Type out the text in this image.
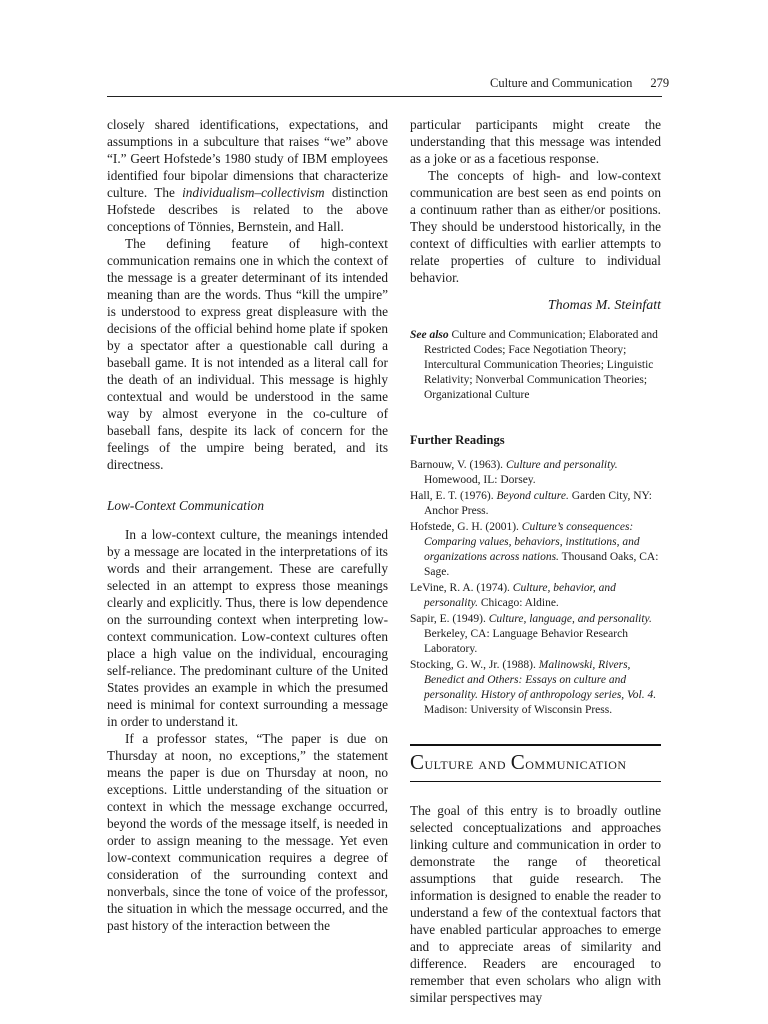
Culture and Communication 279

closely shared identifications, expectations, and assumptions in a subculture that raises “we” above “I.” Geert Hofstede’s 1980 study of IBM employees identified four bipolar dimensions that characterize culture. The individualism–collectivism distinction Hofstede describes is related to the above conceptions of Tönnies, Bernstein, and Hall.

The defining feature of high-context communication remains one in which the context of the message is a greater determinant of its intended meaning than are the words. Thus “kill the umpire” is understood to express great displeasure with the decisions of the official behind home plate if spoken by a spectator after a questionable call during a baseball game. It is not intended as a literal call for the death of an individual. This message is highly contextual and would be understood in the same way by almost everyone in the co-culture of baseball fans, despite its lack of concern for the feelings of the umpire being berated, and its directness.

Low-Context Communication

In a low-context culture, the meanings intended by a message are located in the interpretations of its words and their arrangement. These are carefully selected in an attempt to express those meanings clearly and explicitly. Thus, there is low dependence on the surrounding context when interpreting low-context communication. Low-context cultures often place a high value on the individual, encouraging self-reliance. The predominant culture of the United States provides an example in which the presumed need is minimal for context surrounding a message in order to understand it.

If a professor states, “The paper is due on Thursday at noon, no exceptions,” the statement means the paper is due on Thursday at noon, no exceptions. Little understanding of the situation or context in which the message exchange occurred, beyond the words of the message itself, is needed in order to assign meaning to the message. Yet even low-context communication requires a degree of consideration of the surrounding context and nonverbals, since the tone of voice of the professor, the situation in which the message occurred, and the past history of the interaction between the

particular participants might create the understanding that this message was intended as a joke or as a facetious response.

The concepts of high- and low-context communication are best seen as end points on a continuum rather than as either/or positions. They should be understood historically, in the context of difficulties with earlier attempts to relate properties of culture to individual behavior.

Thomas M. Steinfatt

See also Culture and Communication; Elaborated and Restricted Codes; Face Negotiation Theory; Intercultural Communication Theories; Linguistic Relativity; Nonverbal Communication Theories; Organizational Culture

Further Readings

Barnouw, V. (1963). Culture and personality. Homewood, IL: Dorsey.

Hall, E. T. (1976). Beyond culture. Garden City, NY: Anchor Press.

Hofstede, G. H. (2001). Culture’s consequences: Comparing values, behaviors, institutions, and organizations across nations. Thousand Oaks, CA: Sage.

LeVine, R. A. (1974). Culture, behavior, and personality. Chicago: Aldine.

Sapir, E. (1949). Culture, language, and personality. Berkeley, CA: Language Behavior Research Laboratory.

Stocking, G. W., Jr. (1988). Malinowski, Rivers, Benedict and Others: Essays on culture and personality. History of anthropology series, Vol. 4. Madison: University of Wisconsin Press.

Culture and Communication

The goal of this entry is to broadly outline selected conceptualizations and approaches linking culture and communication in order to demonstrate the range of theoretical assumptions that guide research. The information is designed to enable the reader to understand a few of the contextual factors that have enabled particular approaches to emerge and to appreciate areas of similarity and difference. Readers are encouraged to remember that even scholars who align with similar perspectives may
